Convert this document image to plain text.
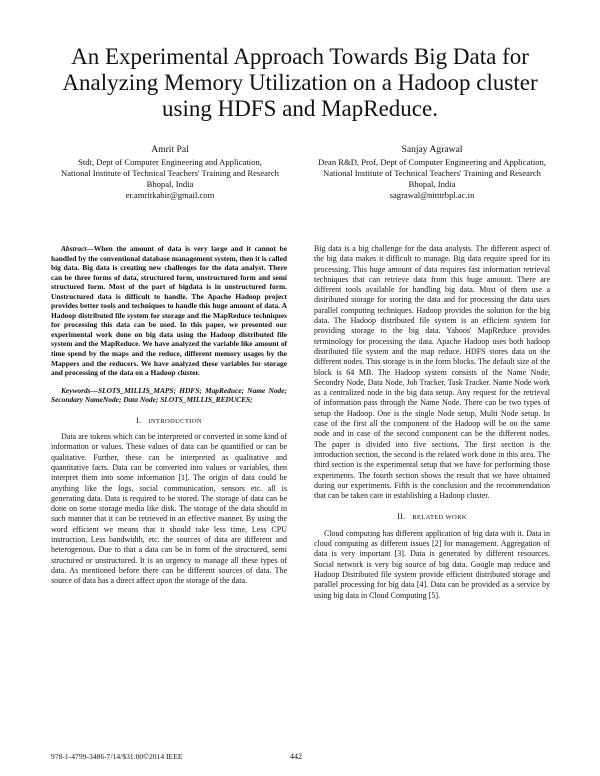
An Experimental Approach Towards Big Data for Analyzing Memory Utilization on a Hadoop cluster using HDFS and MapReduce.
Amrit Pal
Stdt, Dept of Computer Engineering and Application,
National Institute of Technical Teachers' Training and Research
Bhopal, India
er.amritkabir@gmail.com
Sanjay Agrawal
Dean R&D, Prof, Dept of Computer Engineering and Application,
National Institute of Technical Teachers' Training and Research
Bhopal, India
sagrawal@nitttrbpl.ac.in
Abstract—When the amount of data is very large and it cannot be handled by the conventional database management system, then it is called big data. Big data is creating new challenges for the data analyst. There can be three forms of data, structured form, unstructured form and semi structured form. Most of the part of bigdata is in unstructured form. Unstructured data is difficult to handle. The Apache Hadoop project provides better tools and techniques to handle this huge amount of data. A Hadoop distributed file system for storage and the MapReduce techniques for processing this data can be used. In this paper, we presented our experimental work done on big data using the Hadoop distributed file system and the MapReduce. We have analyzed the variable like amount of time spend by the maps and the reduce, different memory usages by the Mappers and the reducers. We have analyzed these variables for storage and processing of the data on a Hadoop cluster.
Keywords—SLOTS_MILLIS_MAPS; HDFS; MapReduce; Name Node; Secondary NameNode; Data Node; SLOTS_MILLIS_REDUCES;
I. INTRODUCTION

Data are tokens which can be interpreted or converted in some kind of information or values. These values of data can be quantified or can be qualitative. Further, these can be interpreted as qualitative and quantitative facts. Data can be converted into values or variables, then interpret them into some information [1]. The origin of data could be anything like the logs, social communication, sensors etc. all is generating data. Data is required to be stored. The storage of data can be done on some storage media like disk. The storage of the data should in such manner that it can be retrieved in an effective manner. By using the word efficient we means that it should take less time, Less CPU instruction, Less bandwidth, etc. the sources of data are different and heterogenous. Due to that a data can be in form of the structured, semi structured or unstructured. It is an urgency to manage all these types of data. As mentioned before there can be different sources of data. The source of data has a direct affect upon the storage of the data.

Big data is a big challenge for the data analysts. The different aspect of the big data makes it difficult to manage. Big data require speed for its processing. This huge amount of data requires fast information retrieval techniques that can retrieve data from this huge amount. There are different tools available for handling big data. Most of them use a distributed storage for storing the data and for processing the data uses parallel computing techniques. Hadoop provides the solution for the big data. The Hadoop distributed file system is an efficient system for providing storage to the big data. Yahoos' MapReduce provides terminology for processing the data. Apache Hadoop uses both hadoop distributed file system and the map reduce. HDFS stores data on the different nodes. This storage is in the form blocks. The default size of the block is 64 MB. The Hadoop system consists of the Name Node, Secondry Node, Data Node, Job Tracker, Task Tracker. Name Node work as a centralized node in the big data setup. Any request for the retrieval of information pass through the Name Node. There can be two types of setup the Hadoop. One is the single Node setup, Multi Node setup. In case of the first all the component of the Hadoop will be on the same node and in case of the second component can be the different nodes. The paper is divided into five sections. The first section is the introduction section, the second is the related work done in this area. The third section is the experimental setup that we have for performing those experiments. The fourth section shows the result that we have obtained during our experiments. Fifth is the conclusion and the recommendation that can be taken care in establishing a Hadoop cluster.

II. RELATED WORK

Cloud computing has different application of big data with it. Data in cloud computing as different issues [2] for management. Aggregation of data is very important [3]. Data is generated by different resources. Social network is very big source of big data. Google map reduce and Hadoop Distributed file system provide efficient distributed storage and parallel processing for big data [4]. Data can be provided as a service by using big data in Cloud Computing [5].

978-1-4799-3486-7/14/$31.00©2014 IEEE	442
